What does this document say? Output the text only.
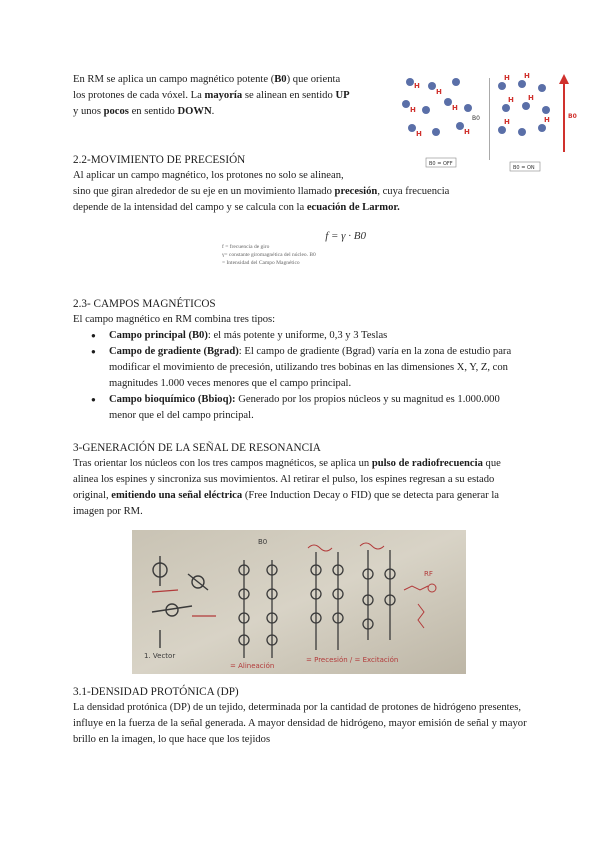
En RM se aplica un campo magnético potente (B0) que orienta

los protones de cada vóxel. La mayoría se alinean en sentido UP

y unos pocos en sentido DOWN.

H
H
H	H
H	H
B0
B0 = OFF
H H
H H
H	H	B0
B0 = ON
2.2-MOVIMIENTO DE PRECESIÓN

Al aplicar un campo magnético, los protones no solo se alinean,

sino que giran alrededor de su eje en un movimiento llamado precesión, cuya frecuencia

depende de la intensidad del campo y se calcula con la ecuación de Larmor.

f = γ · B0
f = frecuencia de giro
γ= constante giromagnética del núcleo. B0
= Intensidad del Campo Magnético
2.3- CAMPOS MAGNÉTICOS

El campo magnético en RM combina tres tipos:

● Campo principal (B0): el más potente y uniforme, 0,3 y 3 Teslas
● Campo de gradiente (Bgrad): El campo de gradiente (Bgrad) varía en la zona de estudio para modificar el movimiento de precesión, utilizando tres bobinas en las dimensiones X, Y, Z, con magnitudes 1.000 veces menores que el campo principal.
● Campo bioquímico (Bbioq): Generado por los propios núcleos y su magnitud es 1.000.000 menor que el del campo principal.
3-GENERACIÓN DE LA SEÑAL DE RESONANCIA

Tras orientar los núcleos con los tres campos magnéticos, se aplica un pulso de radiofrecuencia que alinea los espines y sincroniza sus movimientos. Al retirar el pulso, los espines regresan a su estado original, emitiendo una señal eléctrica (Free Induction Decay o FID) que se detecta para generar la imagen por RM.

B0
1. Vector
= Alineación
= Precesión / = Excitación
RF
3.1-DENSIDAD PROTÓNICA (DP)

La densidad protónica (DP) de un tejido, determinada por la cantidad de protones de hidrógeno presentes, influye en la fuerza de la señal generada. A mayor densidad de hidrógeno, mayor emisión de señal y mayor brillo en la imagen, lo que hace que los tejidos
